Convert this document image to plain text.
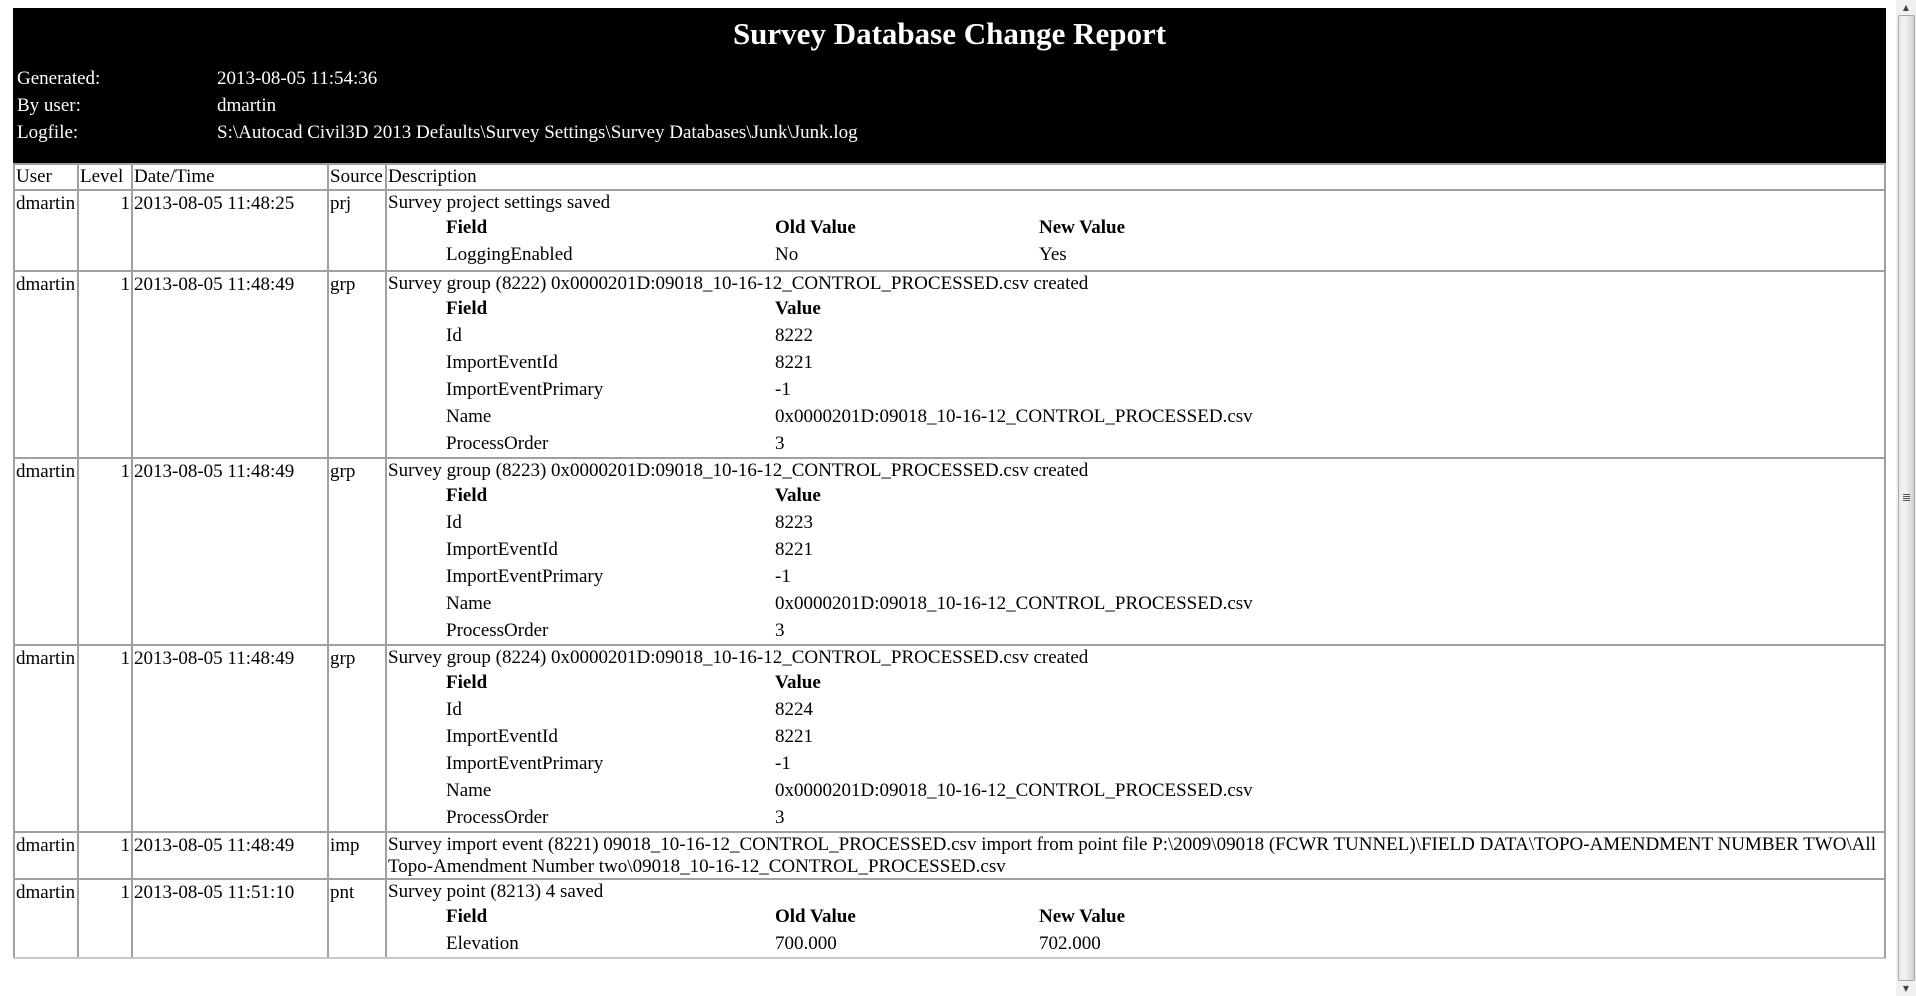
Survey Database Change Report
Generated:	2013-08-05 11:54:36
By user:	dmartin
Logfile:	S:\Autocad Civil3D 2013 Defaults\Survey Settings\Survey Databases\Junk\Junk.log
User	Level	Date/Time	Source	Description
dmartin	1	2013-08-05 11:48:25	prj	Survey project settings saved
Field	Old Value	New Value
LoggingEnabled	No	Yes

dmartin	1	2013-08-05 11:48:49	grp	Survey group (8222) 0x0000201D:09018_10-16-12_CONTROL_PROCESSED.csv created
Field	Value
Id	8222
ImportEventId	8221
ImportEventPrimary	-1
Name	0x0000201D:09018_10-16-12_CONTROL_PROCESSED.csv
ProcessOrder	3

dmartin	1	2013-08-05 11:48:49	grp	Survey group (8223) 0x0000201D:09018_10-16-12_CONTROL_PROCESSED.csv created
Field	Value
Id	8223
ImportEventId	8221
ImportEventPrimary	-1
Name	0x0000201D:09018_10-16-12_CONTROL_PROCESSED.csv
ProcessOrder	3

dmartin	1	2013-08-05 11:48:49	grp	Survey group (8224) 0x0000201D:09018_10-16-12_CONTROL_PROCESSED.csv created
Field	Value
Id	8224
ImportEventId	8221
ImportEventPrimary	-1
Name	0x0000201D:09018_10-16-12_CONTROL_PROCESSED.csv
ProcessOrder	3

dmartin	1	2013-08-05 11:48:49	imp	Survey import event (8221) 09018_10-16-12_CONTROL_PROCESSED.csv import from point file P:\2009\09018 (FCWR TUNNEL)\FIELD DATA\TOPO-AMENDMENT NUMBER TWO\All Topo-Amendment Number two\09018_10-16-12_CONTROL_PROCESSED.csv

dmartin	1	2013-08-05 11:51:10	pnt	Survey point (8213) 4 saved
Field	Old Value	New Value
Elevation	700.000	702.000
▲
▼
